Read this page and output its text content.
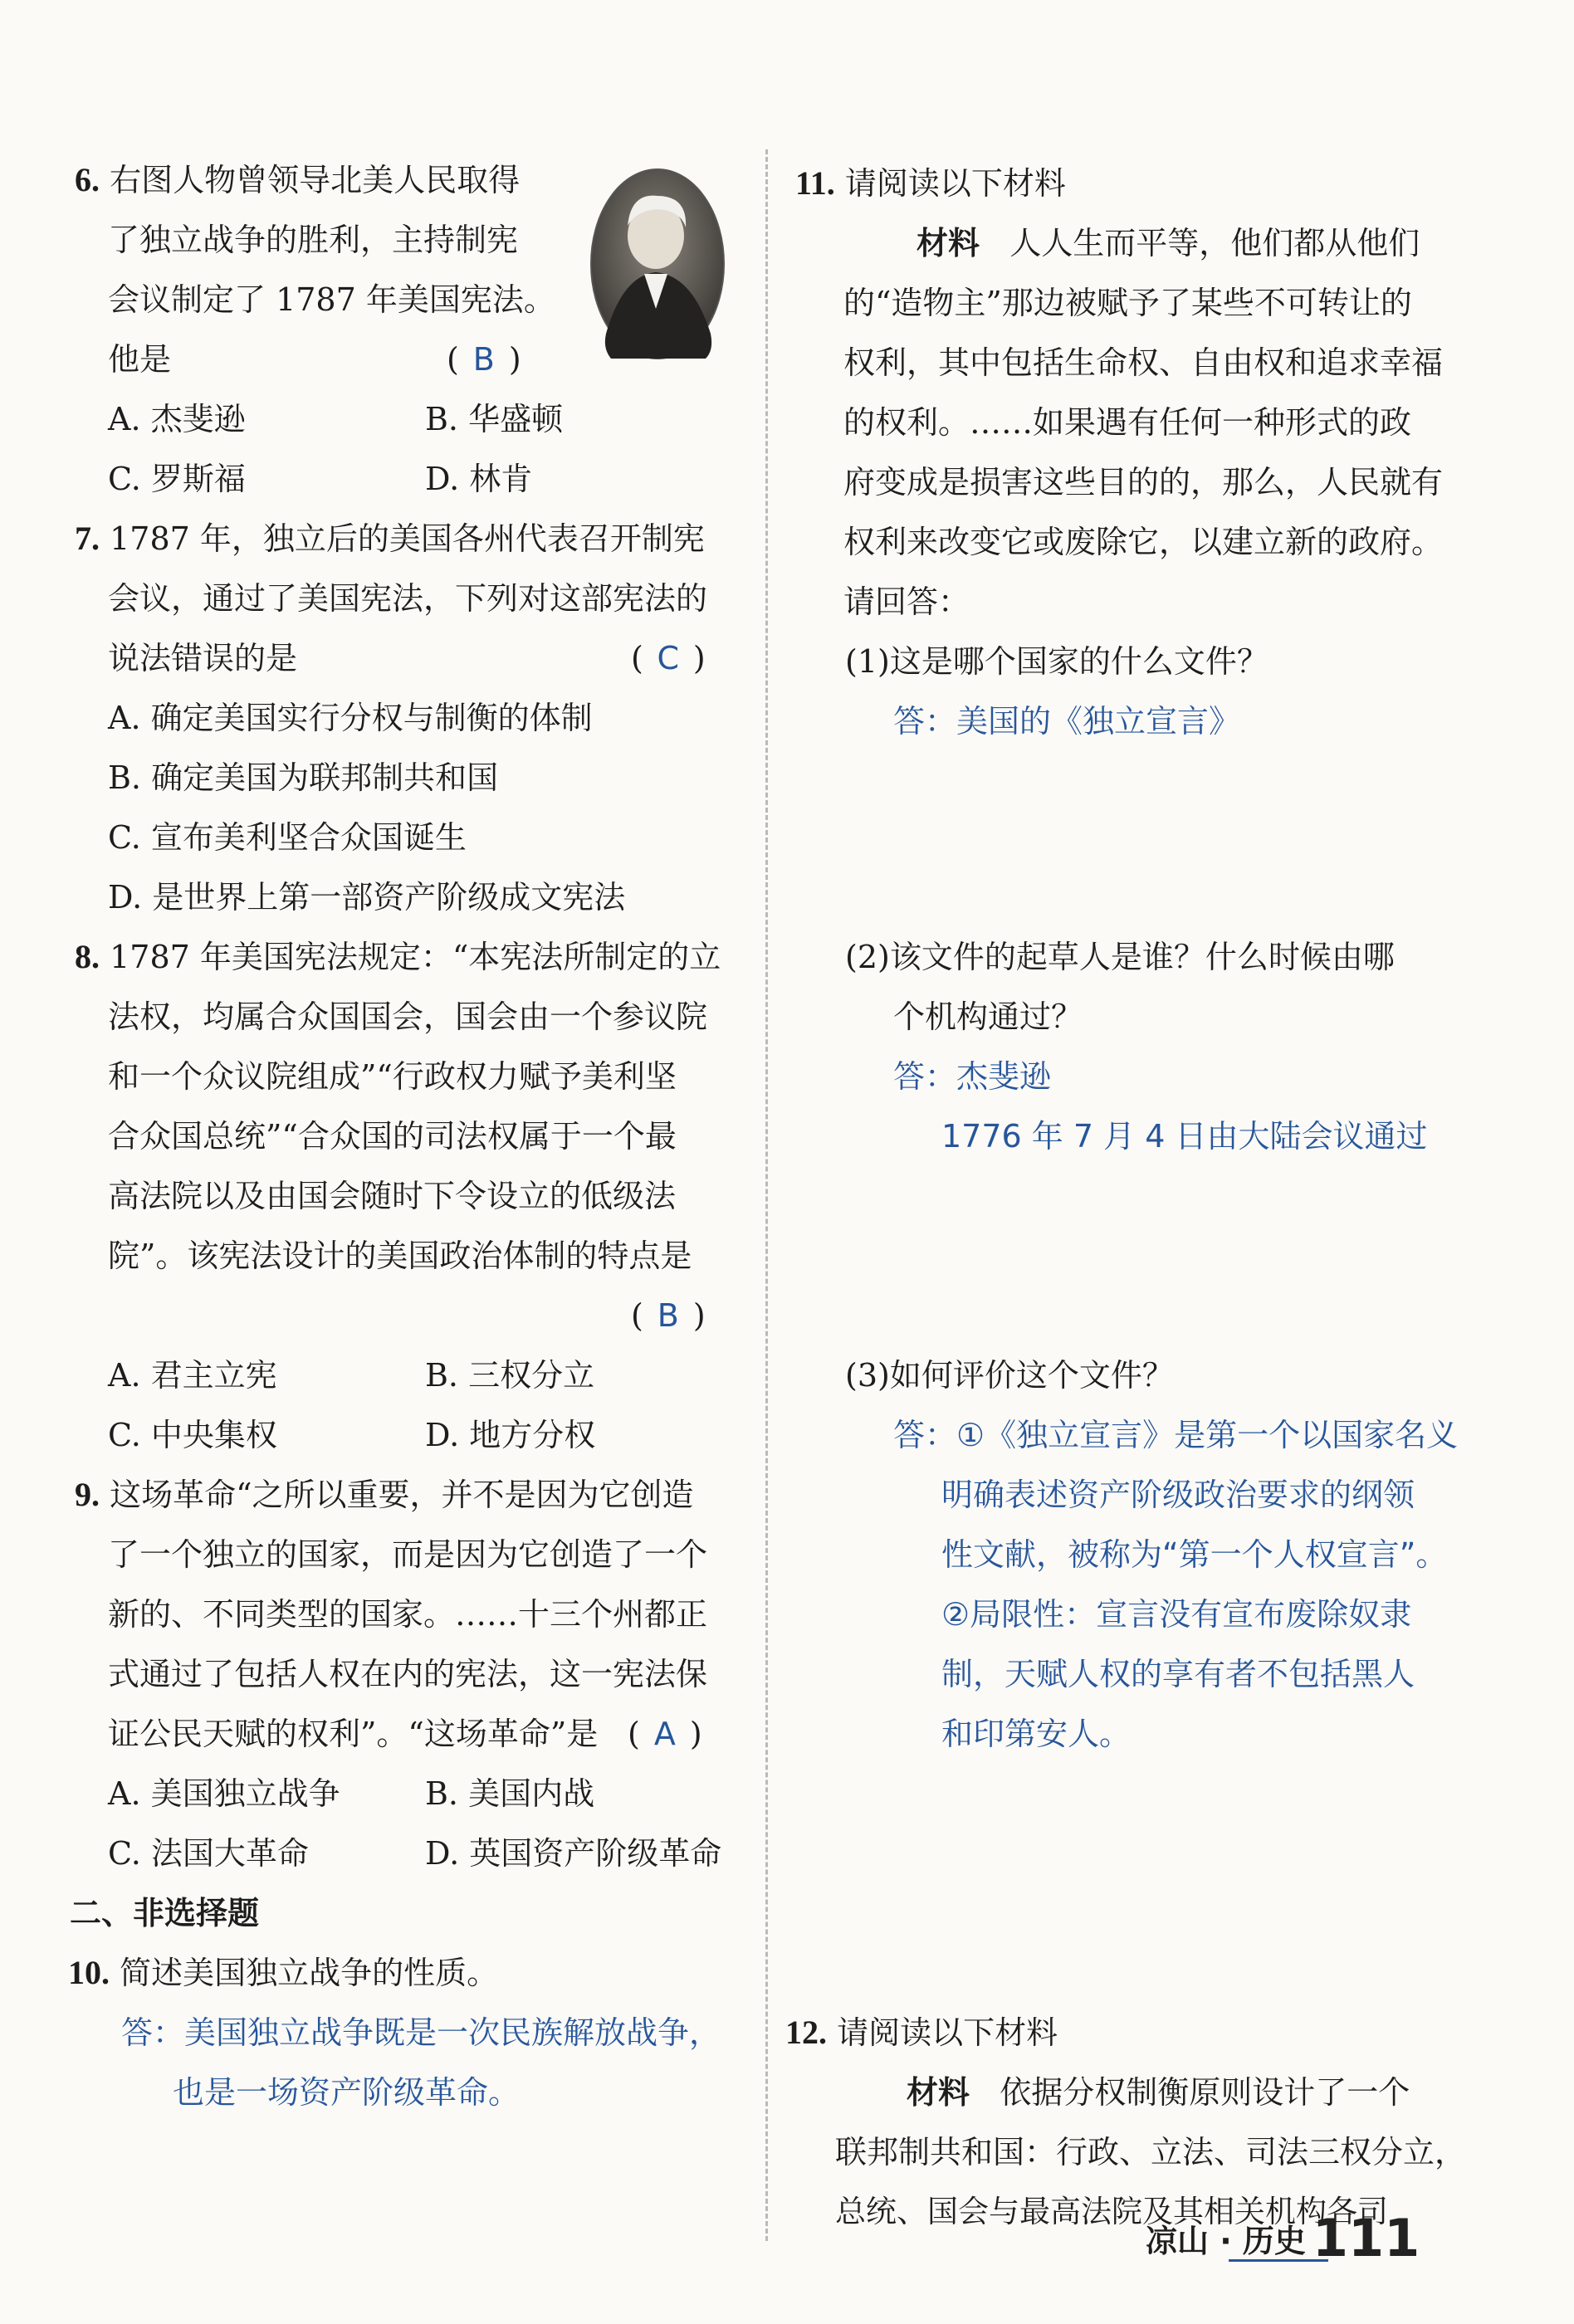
6. 右图人物曾领导北美人民取得
了独立战争的胜利，主持制宪
会议制定了 1787 年美国宪法。
他是	( B )
A. 杰斐逊	B. 华盛顿
C. 罗斯福	D. 林肯
7. 1787 年，独立后的美国各州代表召开制宪
会议，通过了美国宪法，下列对这部宪法的
说法错误的是	( C )
A. 确定美国实行分权与制衡的体制
B. 确定美国为联邦制共和国
C. 宣布美利坚合众国诞生
D. 是世界上第一部资产阶级成文宪法
8. 1787 年美国宪法规定：“本宪法所制定的立
法权，均属合众国国会，国会由一个参议院
和一个众议院组成”“行政权力赋予美利坚
合众国总统”“合众国的司法权属于一个最
高法院以及由国会随时下令设立的低级法
院”。该宪法设计的美国政治体制的特点是
( B )
A. 君主立宪	B. 三权分立
C. 中央集权	D. 地方分权
9. 这场革命“之所以重要，并不是因为它创造
了一个独立的国家，而是因为它创造了一个
新的、不同类型的国家。……十三个州都正
式通过了包括人权在内的宪法，这一宪法保
证公民天赋的权利”。“这场革命”是 ( A )
A. 美国独立战争	B. 美国内战
C. 法国大革命	D. 英国资产阶级革命
二、非选择题
10. 简述美国独立战争的性质。
答：美国独立战争既是一次民族解放战争，
也是一场资产阶级革命。
11. 请阅读以下材料
材料 人人生而平等，他们都从他们
的“造物主”那边被赋予了某些不可转让的
权利，其中包括生命权、自由权和追求幸福
的权利。……如果遇有任何一种形式的政
府变成是损害这些目的的，那么，人民就有
权利来改变它或废除它，以建立新的政府。
请回答：
(1)这是哪个国家的什么文件？
答：美国的《独立宣言》
(2)该文件的起草人是谁？什么时候由哪
个机构通过？
答：杰斐逊
1776 年 7 月 4 日由大陆会议通过
(3)如何评价这个文件？
答：①《独立宣言》是第一个以国家名义
明确表述资产阶级政治要求的纲领
性文献，被称为“第一个人权宣言”。
②局限性：宣言没有宣布废除奴隶
制，天赋人权的享有者不包括黑人
和印第安人。
12. 请阅读以下材料
材料 依据分权制衡原则设计了一个
联邦制共和国：行政、立法、司法三权分立，
总统、国会与最高法院及其相关机构各司
凉山 · 历史 111
